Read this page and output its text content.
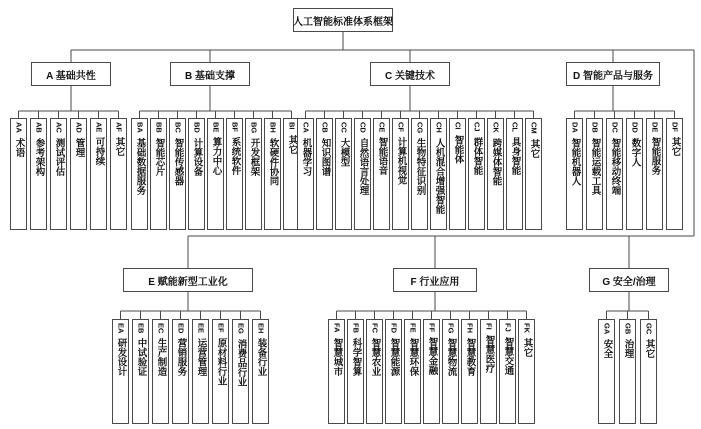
人工智能标准体系框架
A 基础共性
AA术语
AB参考架构
AC测试评估
AD管理
AE可持续
AF其它
B 基础支撑
BA基础数据服务
BB智能芯片
BC智能传感器
BD计算设备
BE算力中心
BF系统软件
BG开发框架
BH软硬件协同
BI其它
C 关键技术
CA机器学习
CB知识图谱
CC大模型
CD自然语言处理
CE智能语音
CF计算机视觉
CG生物特征识别
CH人机混合增强智能
CI智能体
CJ群体智能
CK跨媒体智能
CL具身智能
CM其它
D 智能产品与服务
DA智能机器人
DB智能运载工具
DC智能移动终端
DD数字人
DE智能服务
DF其它
E 赋能新型工业化
EA研发设计
EB中试验证
EC生产制造
ED营销服务
EE运营管理
EF原材料行业
EG消费品行业
EH装备行业
F 行业应用
FA智慧城市
FB科学智算
FC智慧农业
FD智慧能源
FE智慧环保
FF智慧金融
FG智慧物流
FH智慧教育
FI智慧医疗
FJ智慧交通
FK其它
G 安全/治理
GA安全
GB治理
GC其它
